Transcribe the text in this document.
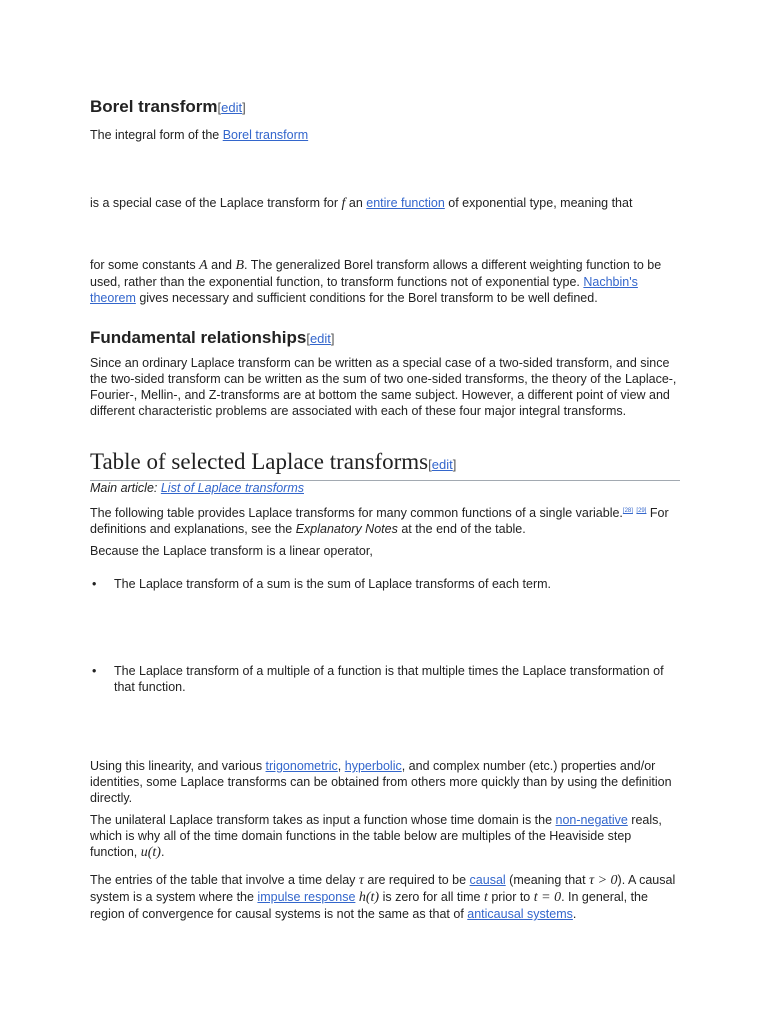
Borel transform[edit]

The integral form of the Borel transform

is a special case of the Laplace transform for f an entire function of exponential type, meaning that

for some constants A and B. The generalized Borel transform allows a different weighting function to be used, rather than the exponential function, to transform functions not of exponential type. Nachbin's theorem gives necessary and sufficient conditions for the Borel transform to be well defined.

Fundamental relationships[edit]

Since an ordinary Laplace transform can be written as a special case of a two-sided transform, and since the two-sided transform can be written as the sum of two one-sided transforms, the theory of the Laplace-, Fourier-, Mellin-, and Z-transforms are at bottom the same subject. However, a different point of view and different characteristic problems are associated with each of these four major integral transforms.

Table of selected Laplace transforms[edit]

Main article: List of Laplace transforms

The following table provides Laplace transforms for many common functions of a single variable.[28] [29] For definitions and explanations, see the Explanatory Notes at the end of the table.

Because the Laplace transform is a linear operator,

• The Laplace transform of a sum is the sum of Laplace transforms of each term.
• The Laplace transform of a multiple of a function is that multiple times the Laplace transformation of that function.

Using this linearity, and various trigonometric, hyperbolic, and complex number (etc.) properties and/or identities, some Laplace transforms can be obtained from others more quickly than by using the definition directly.

The unilateral Laplace transform takes as input a function whose time domain is the non-negative reals, which is why all of the time domain functions in the table below are multiples of the Heaviside step function, u(t).

The entries of the table that involve a time delay τ are required to be causal (meaning that τ > 0). A causal system is a system where the impulse response h(t) is zero for all time t prior to t = 0. In general, the region of convergence for causal systems is not the same as that of anticausal systems.
